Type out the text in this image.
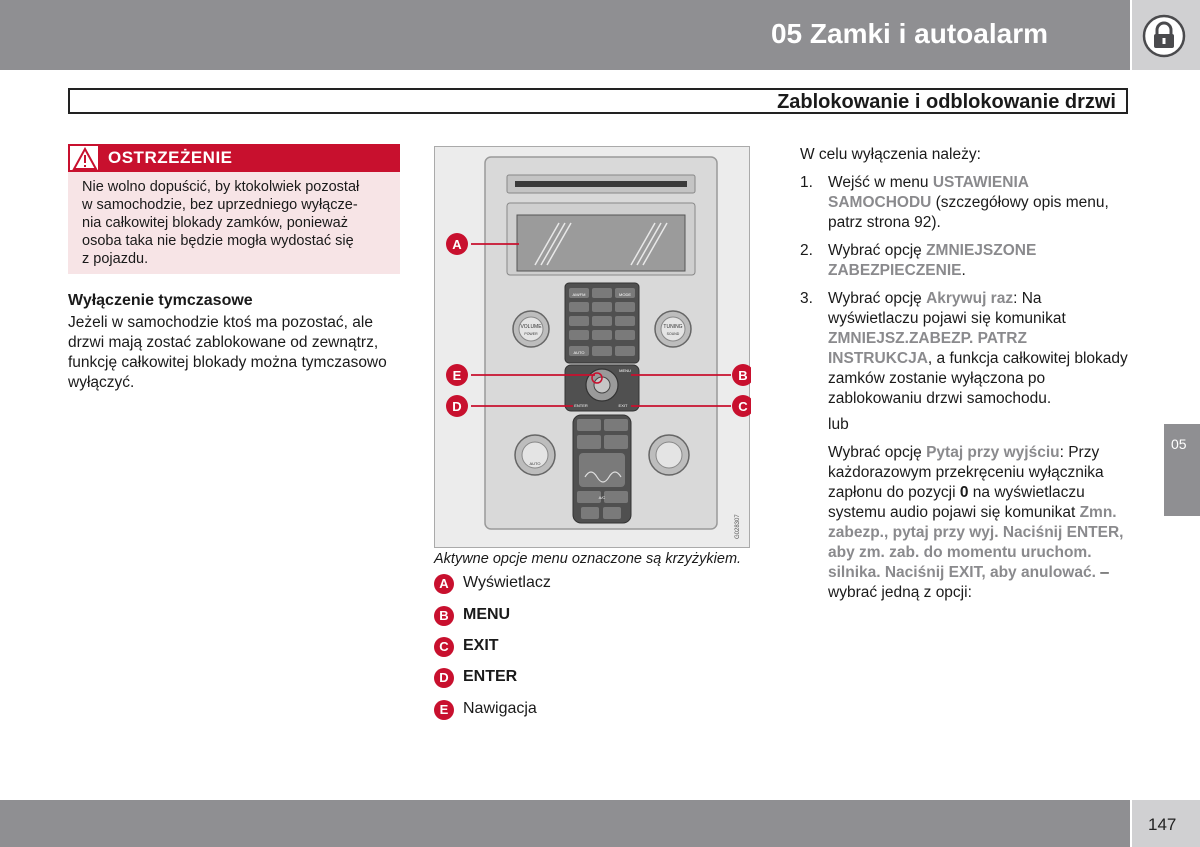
05 Zamki i autoalarm
Zablokowanie i odblokowanie drzwi
OSTRZEŻENIE
Nie wolno dopuścić, by ktokolwiek pozostał
w samochodzie, bez uprzedniego wyłącze-
nia całkowitej blokady zamków, ponieważ
osoba taka nie będzie mogła wydostać się
z pojazdu.
Wyłączenie tymczasowe
Jeżeli w samochodzie ktoś ma pozostać, ale
drzwi mają zostać zablokowane od zewnątrz,
funkcję całkowitej blokady można tymczasowo
wyłączyć.
AM/FM	MODE
AUTO
VOLUME
POWER
TUNING
SOUND
MENU
ENTER	EXIT
A/C
AUTO
G028307
A
E
D
B
C
Aktywne opcje menu oznaczone są krzyżykiem.
A Wyświetlacz
B MENU
C EXIT
D ENTER
E Nawigacja
W celu wyłączenia należy:
1. Wejść w menu USTAWIENIA SAMOCHODU (szczegółowy opis menu, patrz strona 92).
2. Wybrać opcję ZMNIEJSZONE ZABEZPIECZENIE.
3. Wybrać opcję Akrywuj raz: Na wyświetlaczu pojawi się komunikat ZMNIEJSZ.ZABEZP. PATRZ INSTRUKCJA, a funkcja całkowitej blokady zamków zostanie wyłączona po zablokowaniu drzwi samochodu.
lub
Wybrać opcję Pytaj przy wyjściu: Przy każdorazowym przekręceniu wyłącznika zapłonu do pozycji 0 na wyświetlaczu systemu audio pojawi się komunikat Zmn. zabezp., pytaj przy wyj. Naciśnij ENTER, aby zm. zab. do momentu uruchom. silnika. Naciśnij EXIT, aby anulować. – wybrać jedną z opcji:
05
147
